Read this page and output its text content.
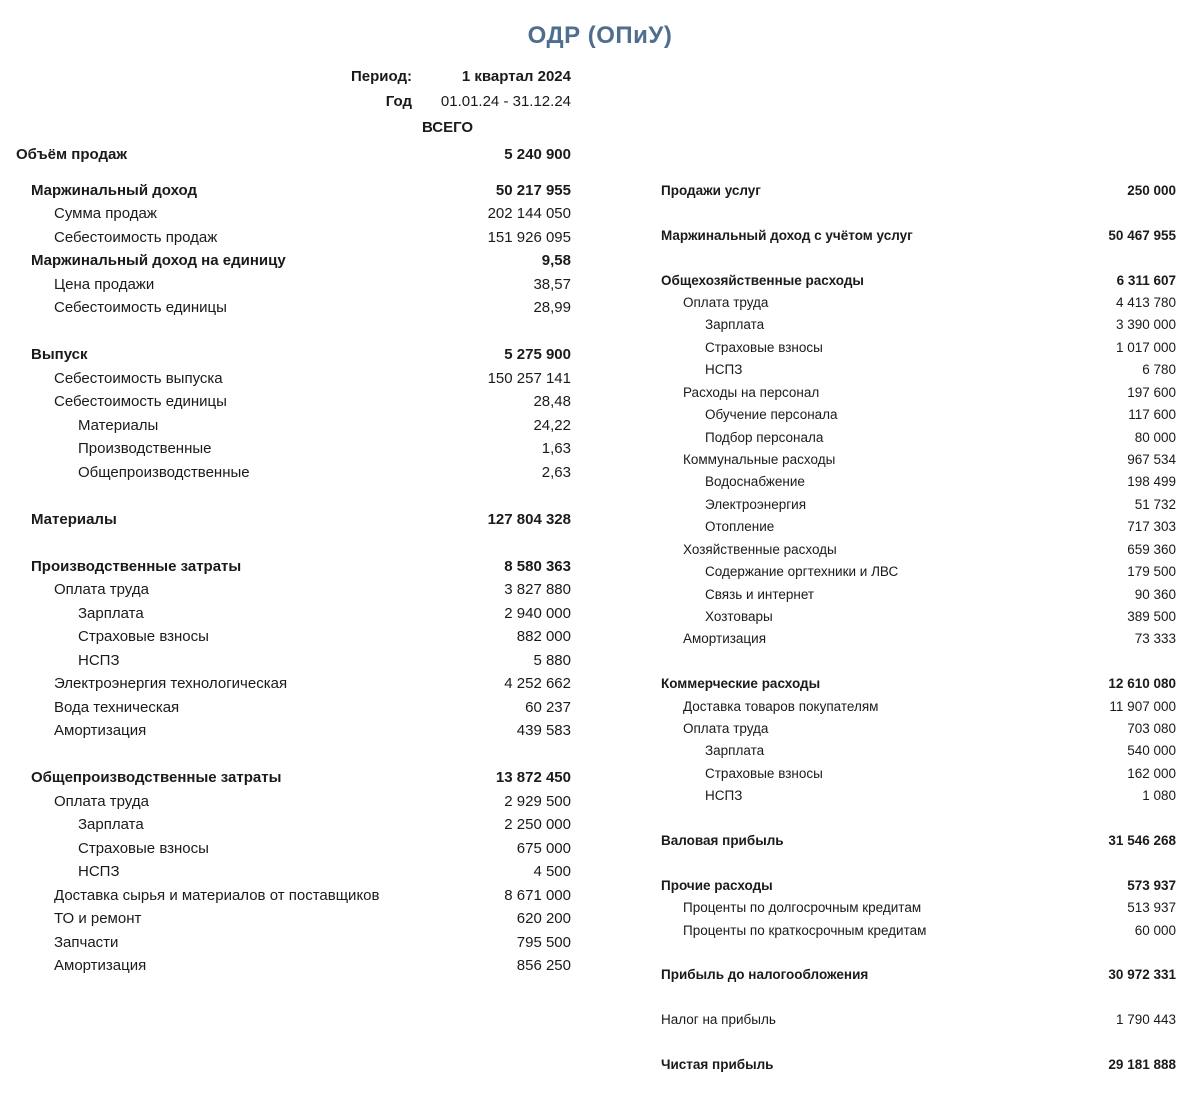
ОДР (ОПиУ)
Период:	1 квартал 2024
Год	01.01.24 - 31.12.24
ВСЕГО
Объём продаж	5 240 900
Маржинальный доход	50 217 955
Сумма продаж	202 144 050
Себестоимость продаж	151 926 095
Маржинальный доход на единицу	9,58
Цена продажи	38,57
Себестоимость единицы	28,99
Выпуск	5 275 900
Себестоимость выпуска	150 257 141
Себестоимость единицы	28,48
Материалы	24,22
Производственные	1,63
Общепроизводственные	2,63
Материалы	127 804 328
Производственные затраты	8 580 363
Оплата труда	3 827 880
Зарплата	2 940 000
Страховые взносы	882 000
НСПЗ	5 880
Электроэнергия технологическая	4 252 662
Вода техническая	60 237
Амортизация	439 583
Общепроизводственные затраты	13 872 450
Оплата труда	2 929 500
Зарплата	2 250 000
Страховые взносы	675 000
НСПЗ	4 500
Доставка сырья и материалов от поставщиков	8 671 000
ТО и ремонт	620 200
Запчасти	795 500
Амортизация	856 250
Продажи услуг	250 000
Маржинальный доход с учётом услуг	50 467 955
Общехозяйственные расходы	6 311 607
Оплата труда	4 413 780
Зарплата	3 390 000
Страховые взносы	1 017 000
НСПЗ	6 780
Расходы на персонал	197 600
Обучение персонала	117 600
Подбор персонала	80 000
Коммунальные расходы	967 534
Водоснабжение	198 499
Электроэнергия	51 732
Отопление	717 303
Хозяйственные расходы	659 360
Содержание оргтехники и ЛВС	179 500
Связь и интернет	90 360
Хозтовары	389 500
Амортизация	73 333
Коммерческие расходы	12 610 080
Доставка товаров покупателям	11 907 000
Оплата труда	703 080
Зарплата	540 000
Страховые взносы	162 000
НСПЗ	1 080
Валовая прибыль	31 546 268
Прочие расходы	573 937
Проценты по долгосрочным кредитам	513 937
Проценты по краткосрочным кредитам	60 000
Прибыль до налогообложения	30 972 331
Налог на прибыль	1 790 443
Чистая прибыль	29 181 888
